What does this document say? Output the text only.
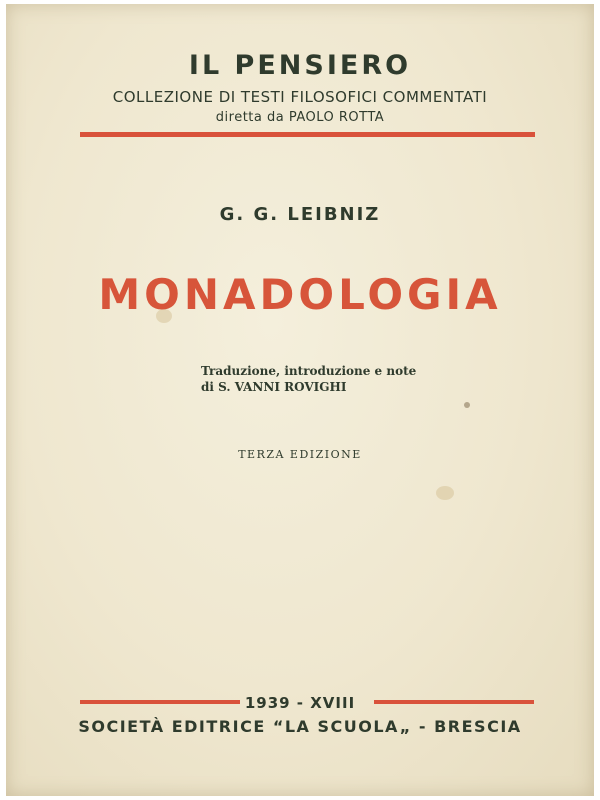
IL PENSIERO
COLLEZIONE DI TESTI FILOSOFICI COMMENTATI
diretta da PAOLO ROTTA
G. G. LEIBNIZ
MONADOLOGIA
Traduzione, introduzione e note
di S. VANNI ROVIGHI
TERZA EDIZIONE
1939 - XVIII
SOCIETÀ EDITRICE “LA SCUOLA„ - BRESCIA
